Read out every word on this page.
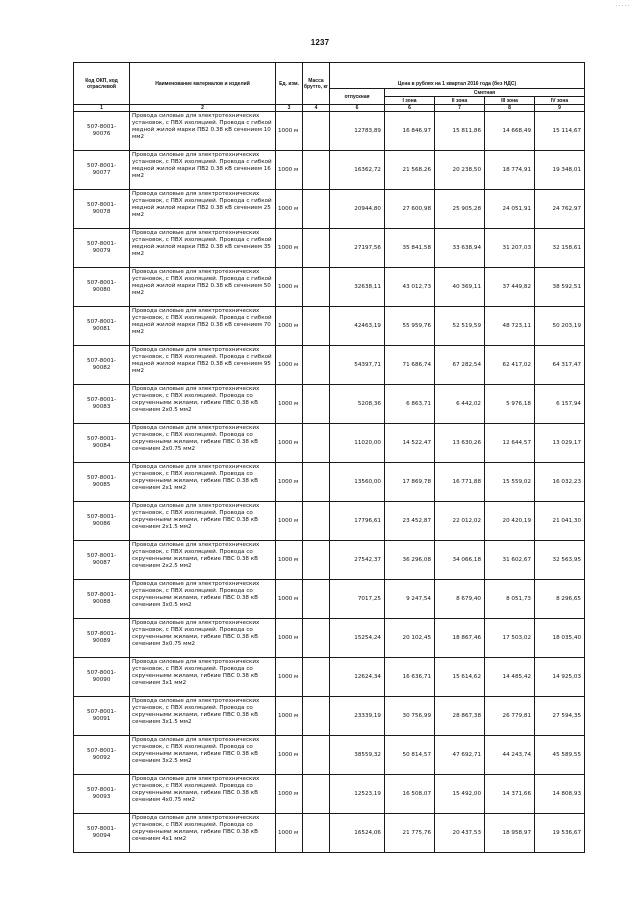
.....
1237
Код ОКП, код отраслевой	Наименование материалов и изделий	Ед. изм.	Масса брутто, кг	Цена в рублях на 1 квартал 2016 года (без НДС)				
				отпускная	Сметная			
					I зона	II зона	III зона	IV зона
1	2	3	4	6	6	7	8	9
507-8001-
90076	Провода силовые для электротехнических установок, с ПВХ изоляцией. Провода с гибкой медной жилой марки ПВ2 0.38 кВ сечением 10 мм2	1000 м		12783,89	16 846,97	15 811,86	14 668,49	15 114,67
507-8001-
90077	Провода силовые для электротехнических установок, с ПВХ изоляцией. Провода с гибкой медной жилой марки ПВ2 0.38 кВ сечением 16 мм2	1000 м		16362,72	21 568,26	20 238,50	18 774,91	19 348,01
507-8001-
90078	Провода силовые для электротехнических установок, с ПВХ изоляцией. Провода с гибкой медной жилой марки ПВ2 0.38 кВ сечением 25 мм2	1000 м		20944,80	27 600,98	25 905,28	24 051,91	24 762,97
507-8001-
90079	Провода силовые для электротехнических установок, с ПВХ изоляцией. Провода с гибкой медной жилой марки ПВ2 0.38 кВ сечением 35 мм2	1000 м		27197,56	35 841,58	33 638,94	31 207,03	32 158,61
507-8001-
90080	Провода силовые для электротехнических установок, с ПВХ изоляцией. Провода с гибкой медной жилой марки ПВ2 0.38 кВ сечением 50 мм2	1000 м		32638,11	43 012,73	40 369,11	37 449,82	38 592,51
507-8001-
90081	Провода силовые для электротехнических установок, с ПВХ изоляцией. Провода с гибкой медной жилой марки ПВ2 0.38 кВ сечением 70 мм2	1000 м		42463,19	55 959,76	52 519,59	48 723,11	50 203,19
507-8001-
90082	Провода силовые для электротехнических установок, с ПВХ изоляцией. Провода с гибкой медной жилой марки ПВ2 0.38 кВ сечением 95 мм2	1000 м		54397,71	71 686,74	67 282,54	62 417,02	64 317,47
507-8001-
90083	Провода силовые для электротехнических установок, с ПВХ изоляцией. Провода со скрученными жилами, гибкие ПВС 0.38 кВ сечением 2х0.5 мм2	1000 м		5208,36	6 863,71	6 442,02	5 976,18	6 157,94
507-8001-
90084	Провода силовые для электротехнических установок, с ПВХ изоляцией. Провода со скрученными жилами, гибкие ПВС 0.38 кВ сечением 2х0.75 мм2	1000 м		11020,00	14 522,47	13 630,26	12 644,57	13 029,17
507-8001-
90085	Провода силовые для электротехнических установок, с ПВХ изоляцией. Провода со скрученными жилами, гибкие ПВС 0.38 кВ сечением 2х1 мм2	1000 м		13560,00	17 869,78	16 771,88	15 559,02	16 032,23
507-8001-
90086	Провода силовые для электротехнических установок, с ПВХ изоляцией. Провода со скрученными жилами, гибкие ПВС 0.38 кВ сечением 2х1.5 мм2	1000 м		17796,61	23 452,87	22 012,02	20 420,19	21 041,30
507-8001-
90087	Провода силовые для электротехнических установок, с ПВХ изоляцией. Провода со скрученными жилами, гибкие ПВС 0.38 кВ сечением 2х2.5 мм2	1000 м		27542,37	36 296,08	34 066,18	31 602,67	32 563,95
507-8001-
90088	Провода силовые для электротехнических установок, с ПВХ изоляцией. Провода со скрученными жилами, гибкие ПВС 0.38 кВ сечением 3х0.5 мм2	1000 м		7017,25	9 247,54	8 679,40	8 051,73	8 296,65
507-8001-
90089	Провода силовые для электротехнических установок, с ПВХ изоляцией. Провода со скрученными жилами, гибкие ПВС 0.38 кВ сечением 3х0.75 мм2	1000 м		15254,24	20 102,45	18 867,46	17 503,02	18 035,40
507-8001-
90090	Провода силовые для электротехнических установок, с ПВХ изоляцией. Провода со скрученными жилами, гибкие ПВС 0.38 кВ сечением 3х1 мм2	1000 м		12624,34	16 636,71	15 614,62	14 485,42	14 925,03
507-8001-
90091	Провода силовые для электротехнических установок, с ПВХ изоляцией. Провода со скрученными жилами, гибкие ПВС 0.38 кВ сечением 3х1.5 мм2	1000 м		23339,19	30 756,99	28 867,38	26 779,81	27 594,35
507-8001-
90092	Провода силовые для электротехнических установок, с ПВХ изоляцией. Провода со скрученными жилами, гибкие ПВС 0.38 кВ сечением 3х2.5 мм2	1000 м		38559,32	50 814,57	47 692,71	44 243,74	45 589,55
507-8001-
90093	Провода силовые для электротехнических установок, с ПВХ изоляцией. Провода со скрученными жилами, гибкие ПВС 0.38 кВ сечением 4х0.75 мм2	1000 м		12523,19	16 508,07	15 492,00	14 371,66	14 808,93
507-8001-
90094	Провода силовые для электротехнических установок, с ПВХ изоляцией. Провода со скрученными жилами, гибкие ПВС 0.38 кВ сечением 4х1 мм2	1000 м		16524,06	21 775,76	20 437,53	18 958,97	19 536,67
